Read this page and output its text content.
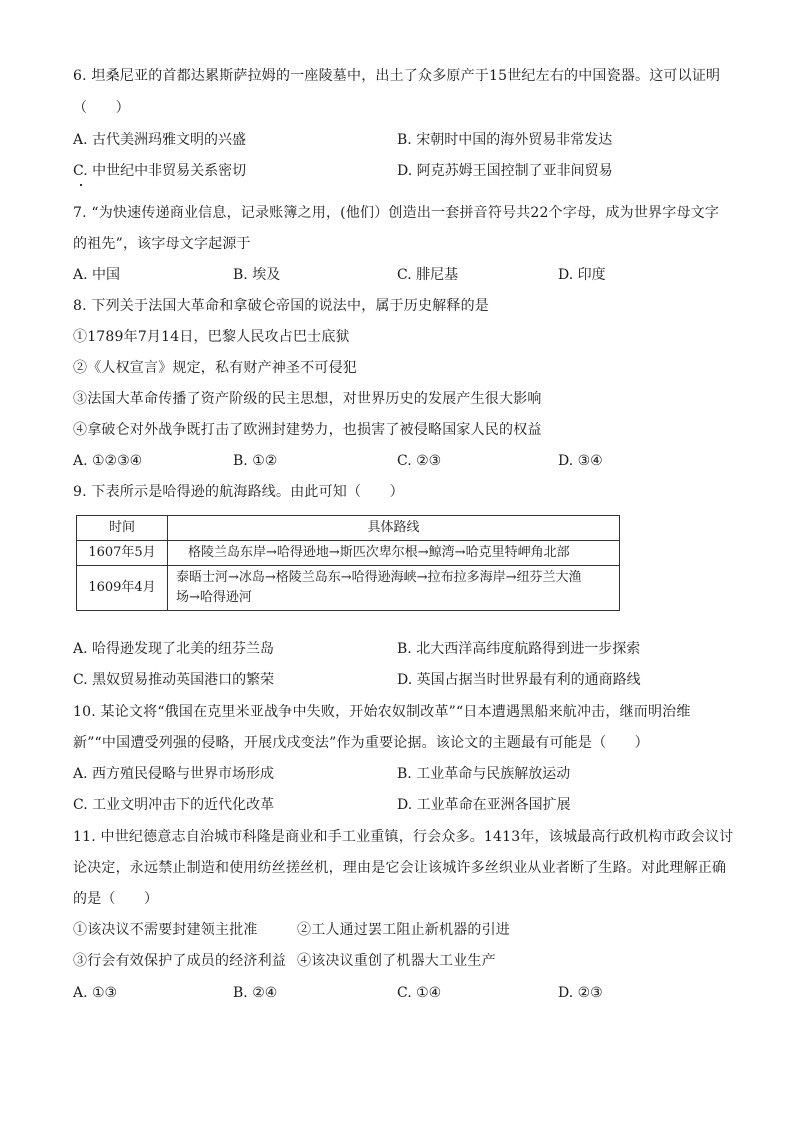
6. 坦桑尼亚的首都达累斯萨拉姆的一座陵墓中，出土了众多原产于15世纪左右的中国瓷器。这可以证明
（　　）
A. 古代美洲玛雅文明的兴盛	B. 宋朝时中国的海外贸易非常发达
C. 中世纪中非贸易关系密切	D. 阿克苏姆王国控制了亚非间贸易
7. “为快速传递商业信息，记录账簿之用，(他们）创造出一套拼音符号共22个字母，成为世界字母文字
的祖先”，该字母文字起源于
A. 中国	B. 埃及	C. 腓尼基	D. 印度
8. 下列关于法国大革命和拿破仑帝国的说法中，属于历史解释的是
①1789年7月14日，巴黎人民攻占巴士底狱
②《人权宣言》规定，私有财产神圣不可侵犯
③法国大革命传播了资产阶级的民主思想，对世界历史的发展产生很大影响
④拿破仑对外战争既打击了欧洲封建势力，也损害了被侵略国家人民的权益
A. ①②③④	B. ①②	C. ②③	D. ③④
9. 下表所示是哈得逊的航海路线。由此可知（　　）
时间	具体路线
1607年5月	格陵兰岛东岸→哈得逊地→斯匹次卑尔根→鲸湾→哈克里特岬角北部
1609年4月	泰晤士河→冰岛→格陵兰岛东→哈得逊海峡→拉布拉多海岸→纽芬兰大渔
场→哈得逊河
A. 哈得逊发现了北美的纽芬兰岛	B. 北大西洋高纬度航路得到进一步探索
C. 黑奴贸易推动英国港口的繁荣	D. 英国占据当时世界最有利的通商路线
10. 某论文将“俄国在克里米亚战争中失败，开始农奴制改革”“日本遭遇黑船来航冲击，继而明治维
新”“中国遭受列强的侵略，开展戊戌变法”作为重要论据。该论文的主题最有可能是（　　）
A. 西方殖民侵略与世界市场形成	B. 工业革命与民族解放运动
C. 工业文明冲击下的近代化改革	D. 工业革命在亚洲各国扩展
11. 中世纪德意志自治城市科隆是商业和手工业重镇，行会众多。1413年，该城最高行政机构市政会议讨
论决定，永远禁止制造和使用纺丝搓丝机，理由是它会让该城许多丝织业从业者断了生路。对此理解正确
的是（　　）
①该决议不需要封建领主批准	②工人通过罢工阻止新机器的引进
③行会有效保护了成员的经济利益 ④该决议重创了机器大工业生产
A. ①③	B. ②④	C. ①④	D. ②③
